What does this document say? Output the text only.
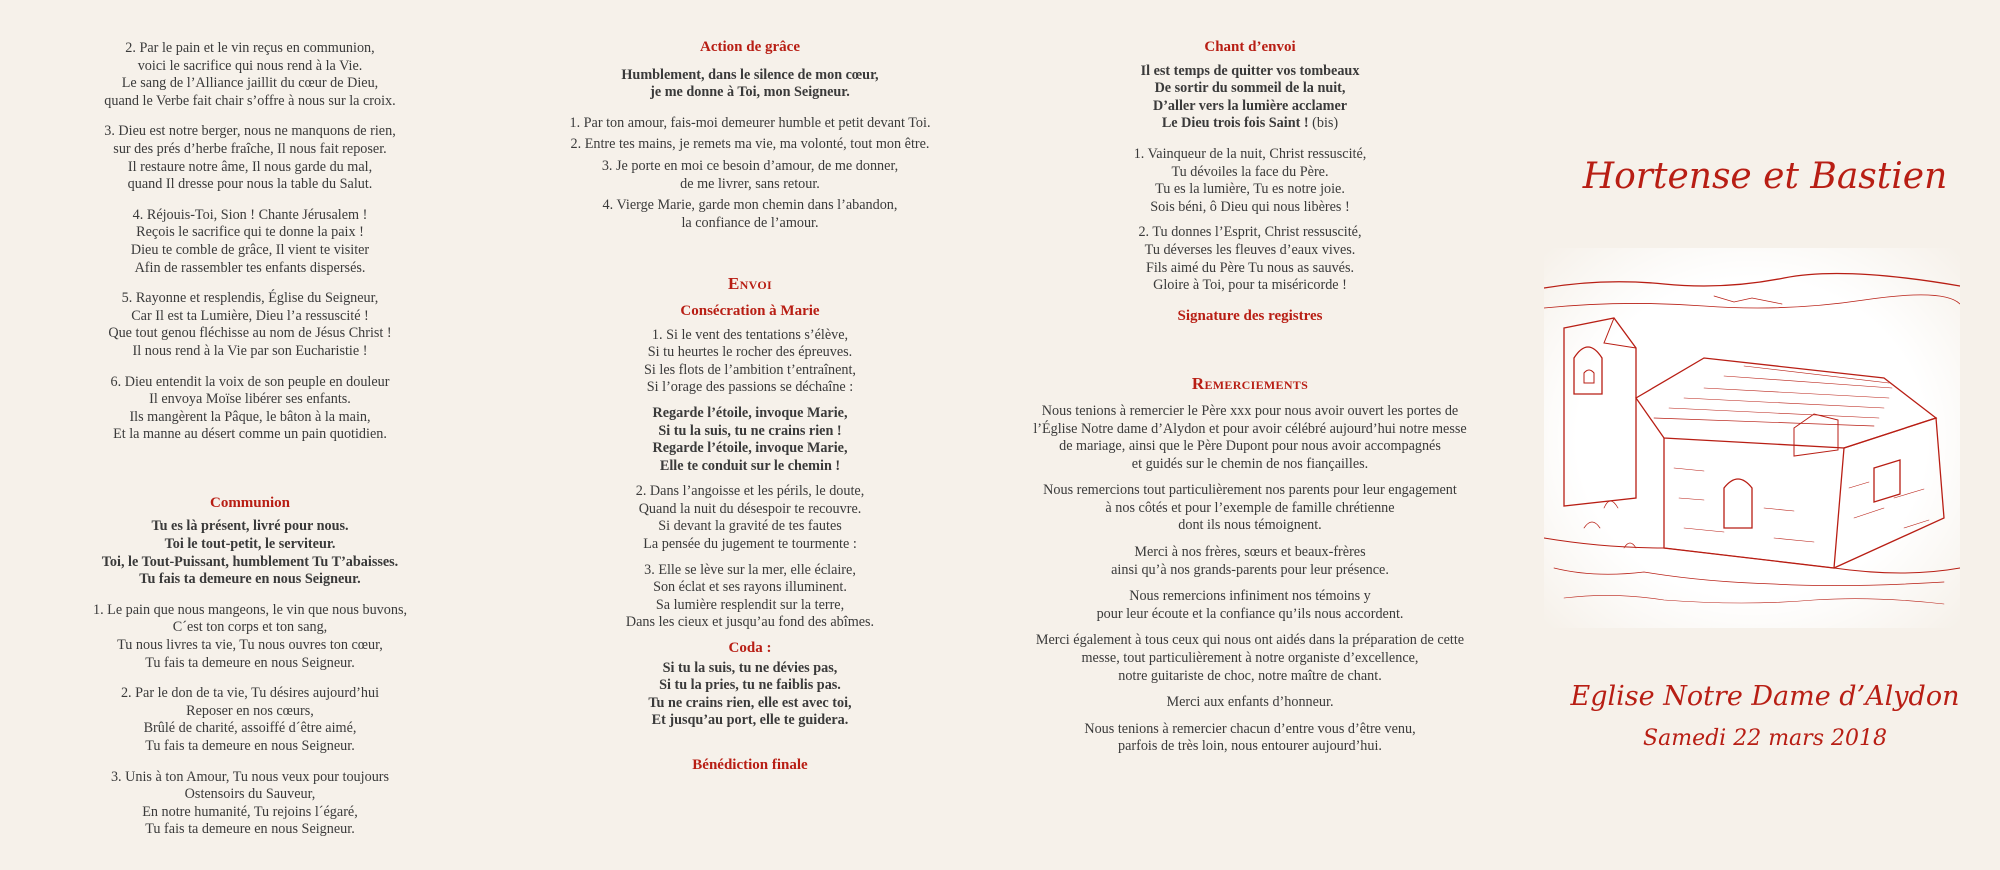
2. Par le pain et le vin reçus en communion,
voici le sacrifice qui nous rend à la Vie.
Le sang de l’Alliance jaillit du cœur de Dieu,
quand le Verbe fait chair s’offre à nous sur la croix.

3. Dieu est notre berger, nous ne manquons de rien,
sur des prés d’herbe fraîche, Il nous fait reposer.
Il restaure notre âme, Il nous garde du mal,
quand Il dresse pour nous la table du Salut.

4. Réjouis-Toi, Sion ! Chante Jérusalem !
Reçois le sacrifice qui te donne la paix !
Dieu te comble de grâce, Il vient te visiter
Afin de rassembler tes enfants dispersés.

5. Rayonne et resplendis, Église du Seigneur,
Car Il est ta Lumière, Dieu l’a ressuscité !
Que tout genou fléchisse au nom de Jésus Christ !
Il nous rend à la Vie par son Eucharistie !

6. Dieu entendit la voix de son peuple en douleur
Il envoya Moïse libérer ses enfants.
Ils mangèrent la Pâque, le bâton à la main,
Et la manne au désert comme un pain quotidien.

Communion

Tu es là présent, livré pour nous.
Toi le tout-petit, le serviteur.
Toi, le Tout-Puissant, humblement Tu T’abaisses.
Tu fais ta demeure en nous Seigneur.

1. Le pain que nous mangeons, le vin que nous buvons,
C´est ton corps et ton sang,
Tu nous livres ta vie, Tu nous ouvres ton cœur,
Tu fais ta demeure en nous Seigneur.

2. Par le don de ta vie, Tu désires aujourd’hui
Reposer en nos cœurs,
Brûlé de charité, assoiffé d´être aimé,
Tu fais ta demeure en nous Seigneur.

3. Unis à ton Amour, Tu nous veux pour toujours
Ostensoirs du Sauveur,
En notre humanité, Tu rejoins l´égaré,
Tu fais ta demeure en nous Seigneur.

Action de grâce

Humblement, dans le silence de mon cœur,
je me donne à Toi, mon Seigneur.

1. Par ton amour, fais-moi demeurer humble et petit devant Toi.

2. Entre tes mains, je remets ma vie, ma volonté, tout mon être.

3. Je porte en moi ce besoin d’amour, de me donner,
de me livrer, sans retour.

4. Vierge Marie, garde mon chemin dans l’abandon,
la confiance de l’amour.

Envoi

Consécration à Marie

1. Si le vent des tentations s’élève,
Si tu heurtes le rocher des épreuves.
Si les flots de l’ambition t’entraînent,
Si l’orage des passions se déchaîne :

Regarde l’étoile, invoque Marie,
Si tu la suis, tu ne crains rien !
Regarde l’étoile, invoque Marie,
Elle te conduit sur le chemin !

2. Dans l’angoisse et les périls, le doute,
Quand la nuit du désespoir te recouvre.
Si devant la gravité de tes fautes
La pensée du jugement te tourmente :

3. Elle se lève sur la mer, elle éclaire,
Son éclat et ses rayons illuminent.
Sa lumière resplendit sur la terre,
Dans les cieux et jusqu’au fond des abîmes.

Coda :

Si tu la suis, tu ne dévies pas,
Si tu la pries, tu ne faiblis pas.
Tu ne crains rien, elle est avec toi,
Et jusqu’au port, elle te guidera.

Bénédiction finale

Chant d’envoi

Il est temps de quitter vos tombeaux
De sortir du sommeil de la nuit,
D’aller vers la lumière acclamer
Le Dieu trois fois Saint ! (bis)

1. Vainqueur de la nuit, Christ ressuscité,
Tu dévoiles la face du Père.
Tu es la lumière, Tu es notre joie.
Sois béni, ô Dieu qui nous libères !

2. Tu donnes l’Esprit, Christ ressuscité,
Tu déverses les fleuves d’eaux vives.
Fils aimé du Père Tu nous as sauvés.
Gloire à Toi, pour ta miséricorde !

Signature des registres

Remerciements

Nous tenions à remercier le Père xxx pour nous avoir ouvert les portes de
l’Église Notre dame d’Alydon et pour avoir célébré aujourd’hui notre messe
de mariage, ainsi que le Père Dupont pour nous avoir accompagnés
et guidés sur le chemin de nos fiançailles.

Nous remercions tout particulièrement nos parents pour leur engagement
à nos côtés et pour l’exemple de famille chrétienne
dont ils nous témoignent.

Merci à nos frères, sœurs et beaux-frères
ainsi qu’à nos grands-parents pour leur présence.

Nous remercions infiniment nos témoins y
pour leur écoute et la confiance qu’ils nous accordent.

Merci également à tous ceux qui nous ont aidés dans la préparation de cette
messe, tout particulièrement à notre organiste d’excellence,
notre guitariste de choc, notre maître de chant.

Merci aux enfants d’honneur.

Nous tenions à remercier chacun d’entre vous d’être venu,
parfois de très loin, nous entourer aujourd’hui.

Hortense et Bastien
Eglise Notre Dame d’Alydon
Samedi 22 mars 2018
